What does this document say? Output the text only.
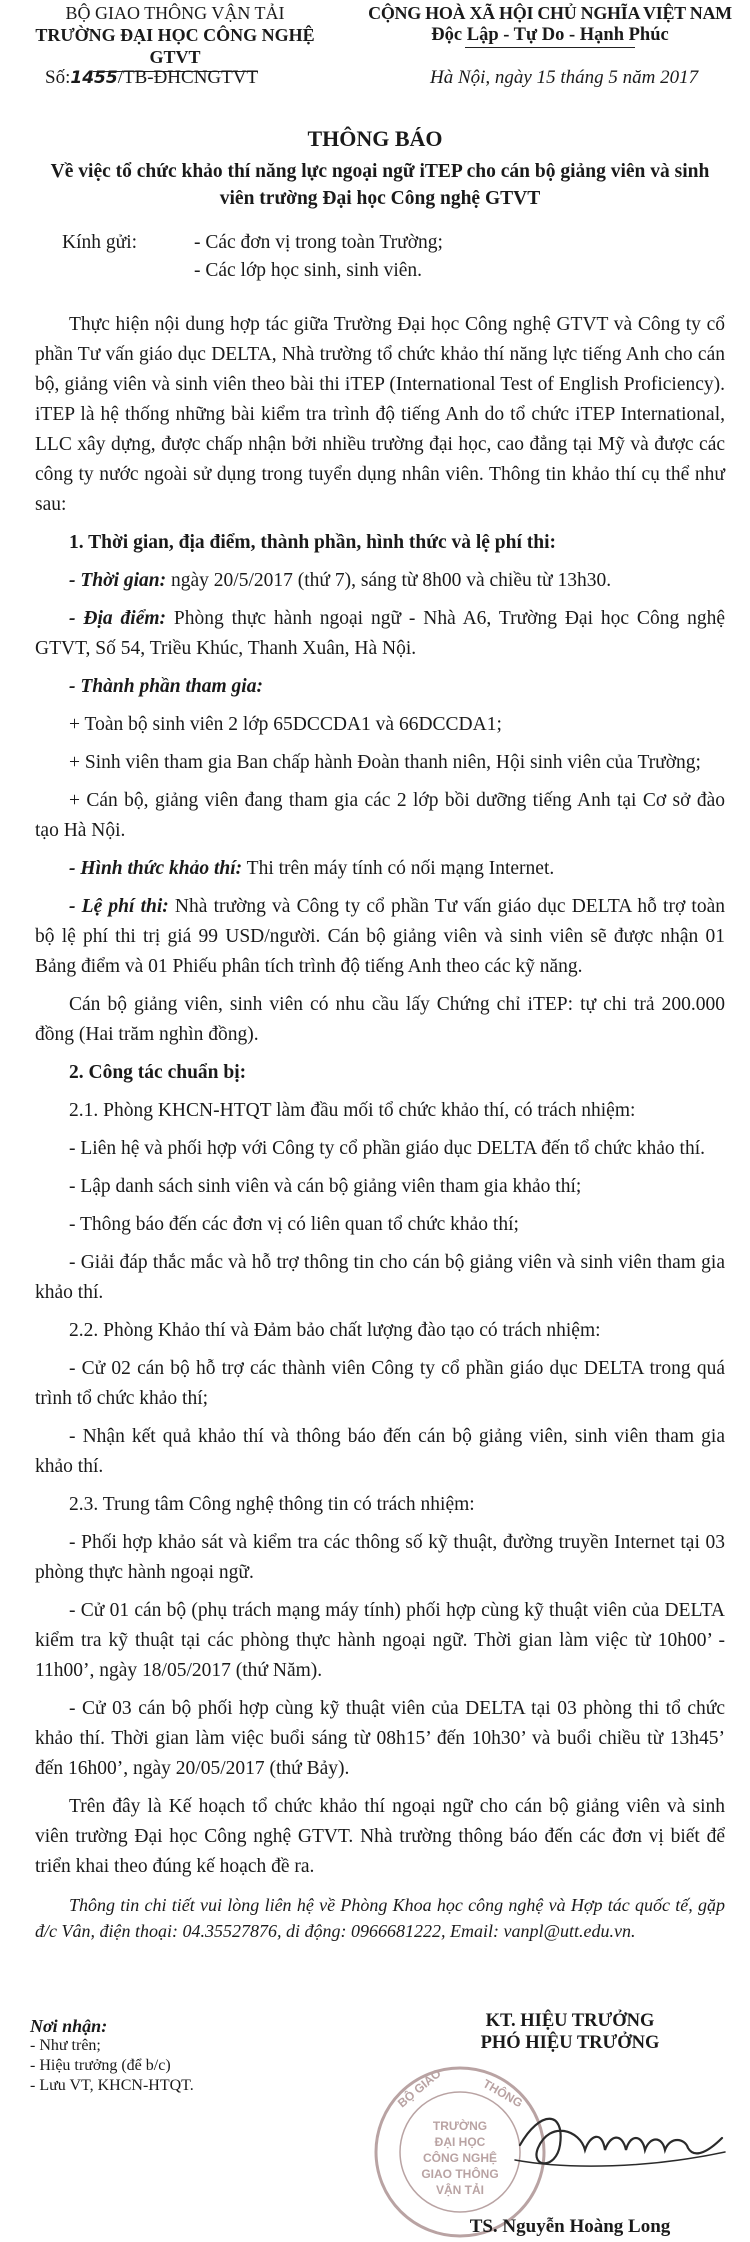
BỘ GIAO THÔNG VẬN TẢI
TRƯỜNG ĐẠI HỌC CÔNG NGHỆ GTVT
CỘNG HOÀ XÃ HỘI CHỦ NGHĨA VIỆT NAM
Độc Lập - Tự Do - Hạnh Phúc
Số:1455/TB-ĐHCNGTVT	Hà Nội, ngày 15 tháng 5 năm 2017
THÔNG BÁO
Về việc tổ chức khảo thí năng lực ngoại ngữ iTEP cho cán bộ giảng viên và sinh viên trường Đại học Công nghệ GTVT
Kính gửi:	- Các đơn vị trong toàn Trường;
- Các lớp học sinh, sinh viên.

Thực hiện nội dung hợp tác giữa Trường Đại học Công nghệ GTVT và Công ty cổ phần Tư vấn giáo dục DELTA, Nhà trường tổ chức khảo thí năng lực tiếng Anh cho cán bộ, giảng viên và sinh viên theo bài thi iTEP (International Test of English Proficiency). iTEP là hệ thống những bài kiểm tra trình độ tiếng Anh do tổ chức iTEP International, LLC xây dựng, được chấp nhận bởi nhiều trường đại học, cao đẳng tại Mỹ và được các công ty nước ngoài sử dụng trong tuyển dụng nhân viên. Thông tin khảo thí cụ thể như sau:

1. Thời gian, địa điểm, thành phần, hình thức và lệ phí thi:

- Thời gian: ngày 20/5/2017 (thứ 7), sáng từ 8h00 và chiều từ 13h30.

- Địa điểm: Phòng thực hành ngoại ngữ - Nhà A6, Trường Đại học Công nghệ GTVT, Số 54, Triều Khúc, Thanh Xuân, Hà Nội.

- Thành phần tham gia:

+ Toàn bộ sinh viên 2 lớp 65DCCDA1 và 66DCCDA1;

+ Sinh viên tham gia Ban chấp hành Đoàn thanh niên, Hội sinh viên của Trường;

+ Cán bộ, giảng viên đang tham gia các 2 lớp bồi dưỡng tiếng Anh tại Cơ sở đào tạo Hà Nội.

- Hình thức khảo thí: Thi trên máy tính có nối mạng Internet.

- Lệ phí thi: Nhà trường và Công ty cổ phần Tư vấn giáo dục DELTA hỗ trợ toàn bộ lệ phí thi trị giá 99 USD/người. Cán bộ giảng viên và sinh viên sẽ được nhận 01 Bảng điểm và 01 Phiếu phân tích trình độ tiếng Anh theo các kỹ năng.

Cán bộ giảng viên, sinh viên có nhu cầu lấy Chứng chỉ iTEP: tự chi trả 200.000 đồng (Hai trăm nghìn đồng).

2. Công tác chuẩn bị:

2.1. Phòng KHCN-HTQT làm đầu mối tổ chức khảo thí, có trách nhiệm:

- Liên hệ và phối hợp với Công ty cổ phần giáo dục DELTA đến tổ chức khảo thí.

- Lập danh sách sinh viên và cán bộ giảng viên tham gia khảo thí;

- Thông báo đến các đơn vị có liên quan tổ chức khảo thí;

- Giải đáp thắc mắc và hỗ trợ thông tin cho cán bộ giảng viên và sinh viên tham gia khảo thí.

2.2. Phòng Khảo thí và Đảm bảo chất lượng đào tạo có trách nhiệm:

- Cử 02 cán bộ hỗ trợ các thành viên Công ty cổ phần giáo dục DELTA trong quá trình tổ chức khảo thí;

- Nhận kết quả khảo thí và thông báo đến cán bộ giảng viên, sinh viên tham gia khảo thí.

2.3. Trung tâm Công nghệ thông tin có trách nhiệm:

- Phối hợp khảo sát và kiểm tra các thông số kỹ thuật, đường truyền Internet tại 03 phòng thực hành ngoại ngữ.

- Cử 01 cán bộ (phụ trách mạng máy tính) phối hợp cùng kỹ thuật viên của DELTA kiểm tra kỹ thuật tại các phòng thực hành ngoại ngữ. Thời gian làm việc từ 10h00’ - 11h00’, ngày 18/05/2017 (thứ Năm).

- Cử 03 cán bộ phối hợp cùng kỹ thuật viên của DELTA tại 03 phòng thi tổ chức khảo thí. Thời gian làm việc buổi sáng từ 08h15’ đến 10h30’ và buổi chiều từ 13h45’ đến 16h00’, ngày 20/05/2017 (thứ Bảy).

Trên đây là Kế hoạch tổ chức khảo thí ngoại ngữ cho cán bộ giảng viên và sinh viên trường Đại học Công nghệ GTVT. Nhà trường thông báo đến các đơn vị biết để triển khai theo đúng kế hoạch đề ra.

Thông tin chi tiết vui lòng liên hệ về Phòng Khoa học công nghệ và Hợp tác quốc tế, gặp đ/c Vân, điện thoại: 04.35527876, di động: 0966681222, Email: vanpl@utt.edu.vn.

Nơi nhận:
- Như trên;
- Hiệu trưởng (để b/c)
- Lưu VT, KHCN-HTQT.
TRƯỜNG
ĐẠI HỌC
CÔNG NGHỆ
GIAO THÔNG
VẬN TẢI
BỘ GIAO	THÔNG
KT. HIỆU TRƯỞNG
PHÓ HIỆU TRƯỞNG
TS. Nguyễn Hoàng Long
